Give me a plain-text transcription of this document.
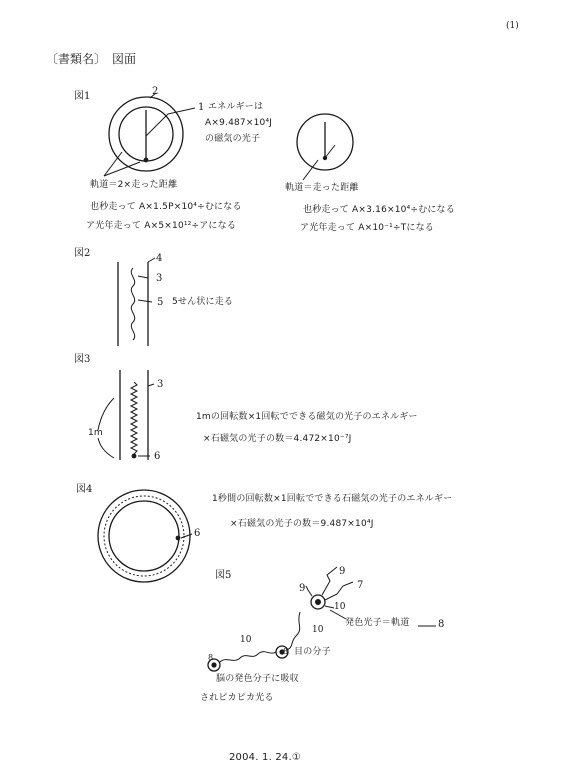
(1)
〔書類名〕　図面
図1	2
1 エネルギーは
A×9.487×10⁴J
の磁気の光子
軌道＝2×走った距離	軌道＝走った距離
也秒走って A×1.5P×10⁴÷むになる
ア光年走って A×5×10¹²÷アになる
也秒走って A×3.16×10⁴÷むになる
ア光年走って A×10⁻¹÷Tになる
図2	4
3
5 5せん状に走る
図3
3
6
1m
1mの回転数×1回転でできる磁気の光子のエネルギー
×石磁気の光子の数＝4.472×10⁻⁷J
図4
6
1秒間の回転数×1回転でできる石磁気の光子のエネルギー
×石磁気の光子の数＝9.487×10⁴J
図5	9
9	7
10
10
10
8
8
発色光子＝軌道	8
目の分子
脳の発色分子に吸収
されピカピカ光る
2004. 1. 24.①
